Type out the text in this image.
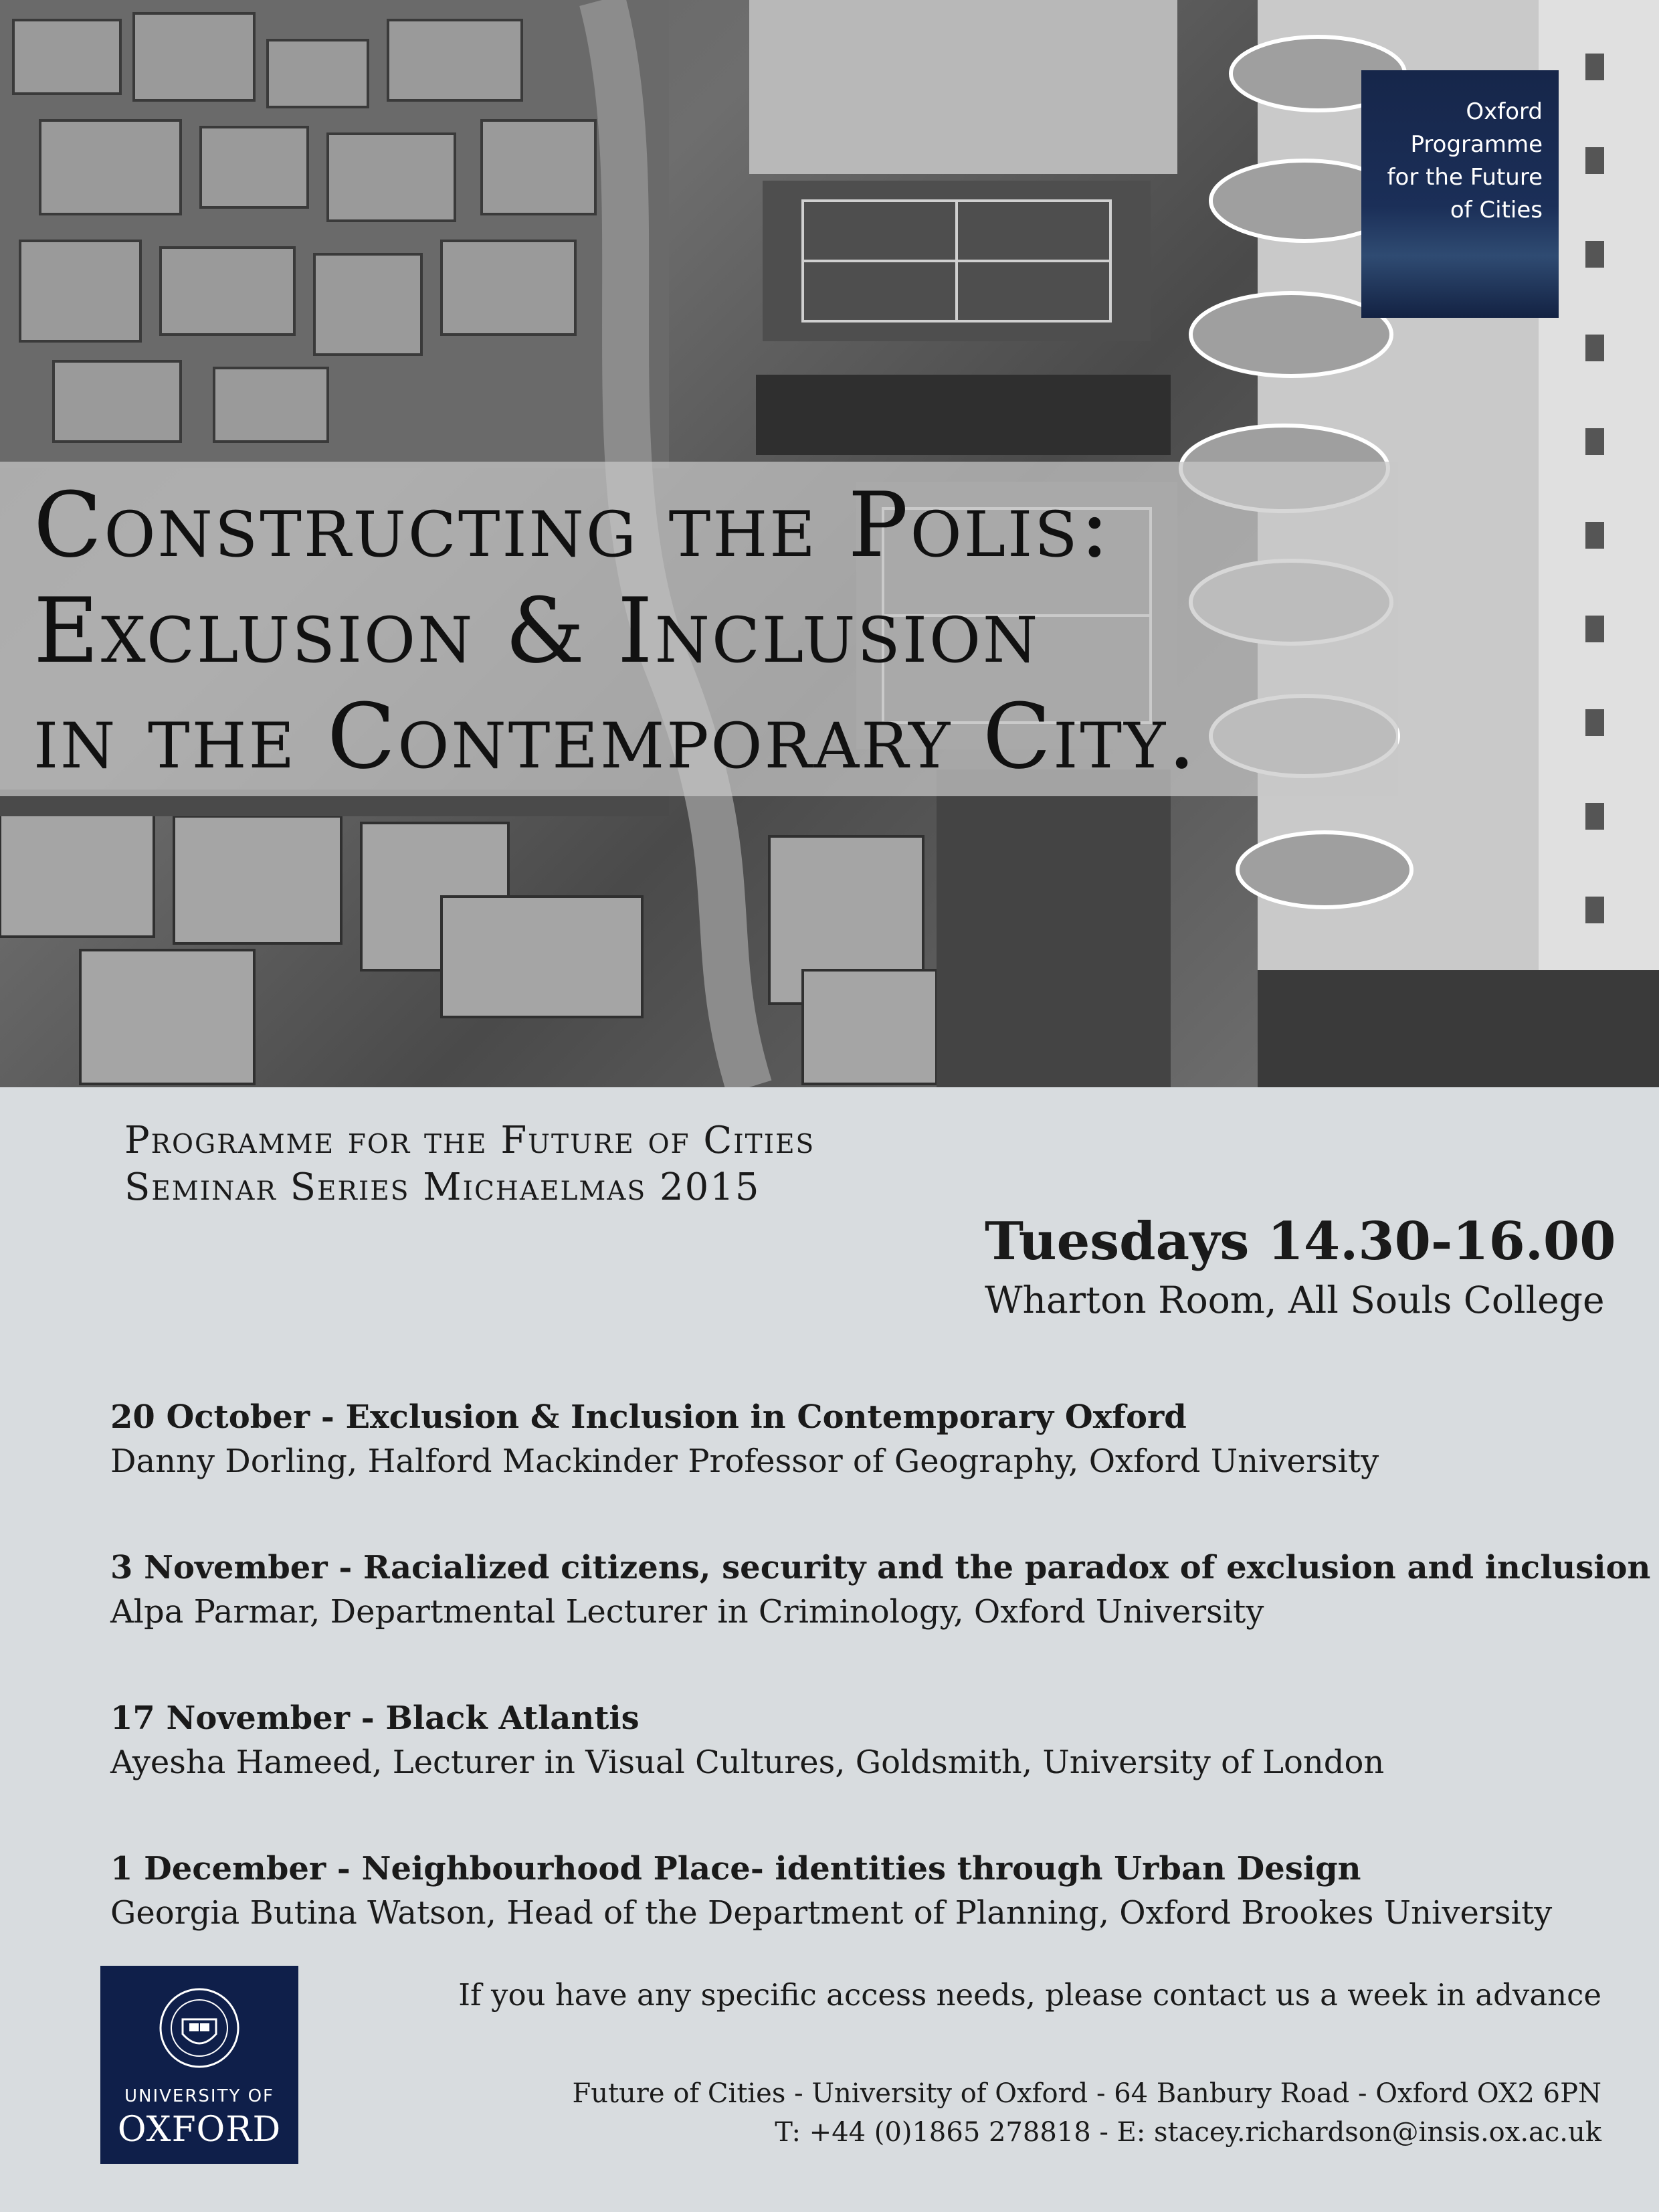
Constructing the Polis:
Exclusion & Inclusion
in the Contemporary City.
Oxford
Programme
for the Future
of Cities
Programme for the Future of Cities
Seminar Series Michaelmas 2015
Tuesdays 14.30-16.00
Wharton Room, All Souls College
20 October - Exclusion & Inclusion in Contemporary Oxford
Danny Dorling, Halford Mackinder Professor of Geography, Oxford University
3 November - Racialized citizens, security and the paradox of exclusion and inclusion
Alpa Parmar, Departmental Lecturer in Criminology, Oxford University
17 November - Black Atlantis
Ayesha Hameed, Lecturer in Visual Cultures, Goldsmith, University of London
1 December - Neighbourhood Place- identities through Urban Design
Georgia Butina Watson, Head of the Department of Planning, Oxford Brookes University
UNIVERSITY OF
OXFORD
If you have any specific access needs, please contact us a week in advance
Future of Cities - University of Oxford - 64 Banbury Road - Oxford OX2 6PN
T: +44 (0)1865 278818 - E: stacey.richardson@insis.ox.ac.uk
